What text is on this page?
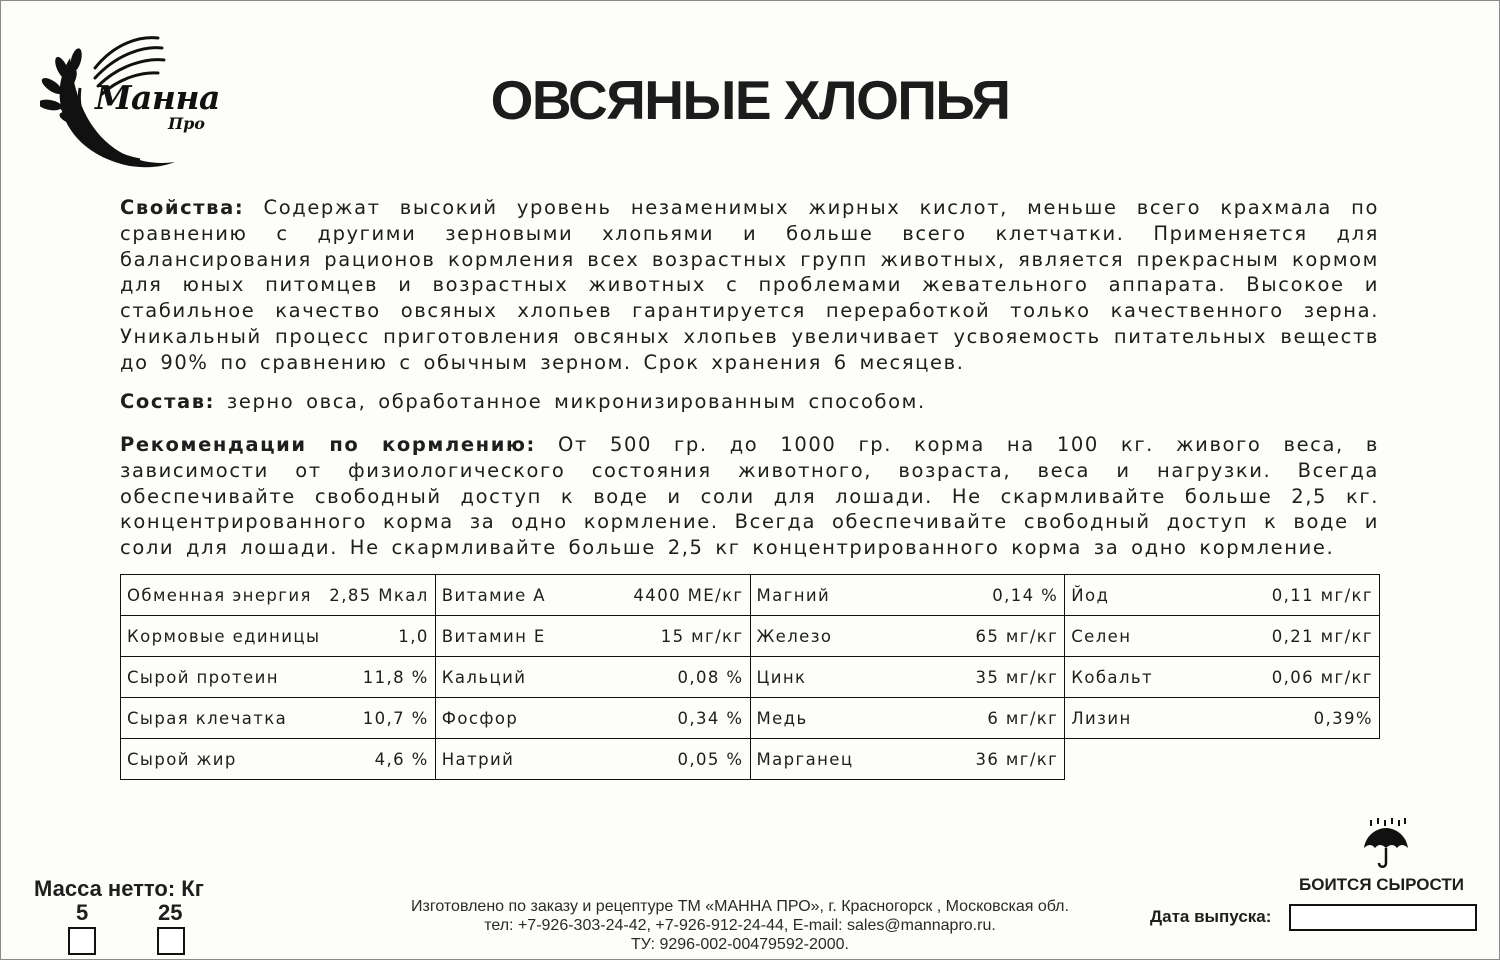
Манна
Про	ОВСЯНЫЕ ХЛОПЬЯ
Свойства: Содержат высокий уровень незаменимых жирных кислот, меньше всего крахмала по сравнению с другими зерновыми хлопьями и больше всего клетчатки. Применяется для балансирования рационов кормления всех возрастных групп животных, является прекрасным кормом для юных питомцев и возрастных животных с проблемами жевательного аппарата. Высокое и стабильное качество овсяных хлопьев гарантируется переработкой только качественного зерна. Уникальный процесс приготовления овсяных хлопьев увеличивает усвояемость питательных веществ до 90% по сравнению с обычным зерном. Срок хранения 6 месяцев.
Состав: зерно овса, обработанное микронизированным способом.
Рекомендации по кормлению: От 500 гр. до 1000 гр. корма на 100 кг. живого веса, в зависимости от физиологического состояния животного, возраста, веса и нагрузки. Всегда обеспечивайте свободный доступ к воде и соли для лошади. Не скармливайте больше 2,5 кг. концентрированного корма за одно кормление. Всегда обеспечивайте свободный доступ к воде и соли для лошади. Не скармливайте больше 2,5 кг концентрированного корма за одно кормление.
Обменная энергия 2,85 Мкал	Витамие А 4400 МЕ/кг	Магний 0,14 %	Йод 0,11 мг/кг

Кормовые единицы 1,0	Витамин Е 15 мг/кг	Железо 65 мг/кг	Селен 0,21 мг/кг

Сырой протеин 11,8 %	Кальций 0,08 %	Цинк 35 мг/кг	Кобальт 0,06 мг/кг

Сырая клечатка 10,7 %	Фосфор 0,34 %	Медь 6 мг/кг	Лизин 0,39%

Сырой жир 4,6 %	Натрий 0,05 %	Марганец 36 мг/кг	

Масса нетто: Кг
5	25	Изготовлено по заказу и рецептуре ТМ «МАННА ПРО», г. Красногорск , Московская обл.
тел: +7-926-303-24-42, +7-926-912-24-44, E-mail: sales@mannapro.ru.
ТУ: 9296-002-00479592-2000.
БОИТСЯ СЫРОСТИ
Дата выпуска:
